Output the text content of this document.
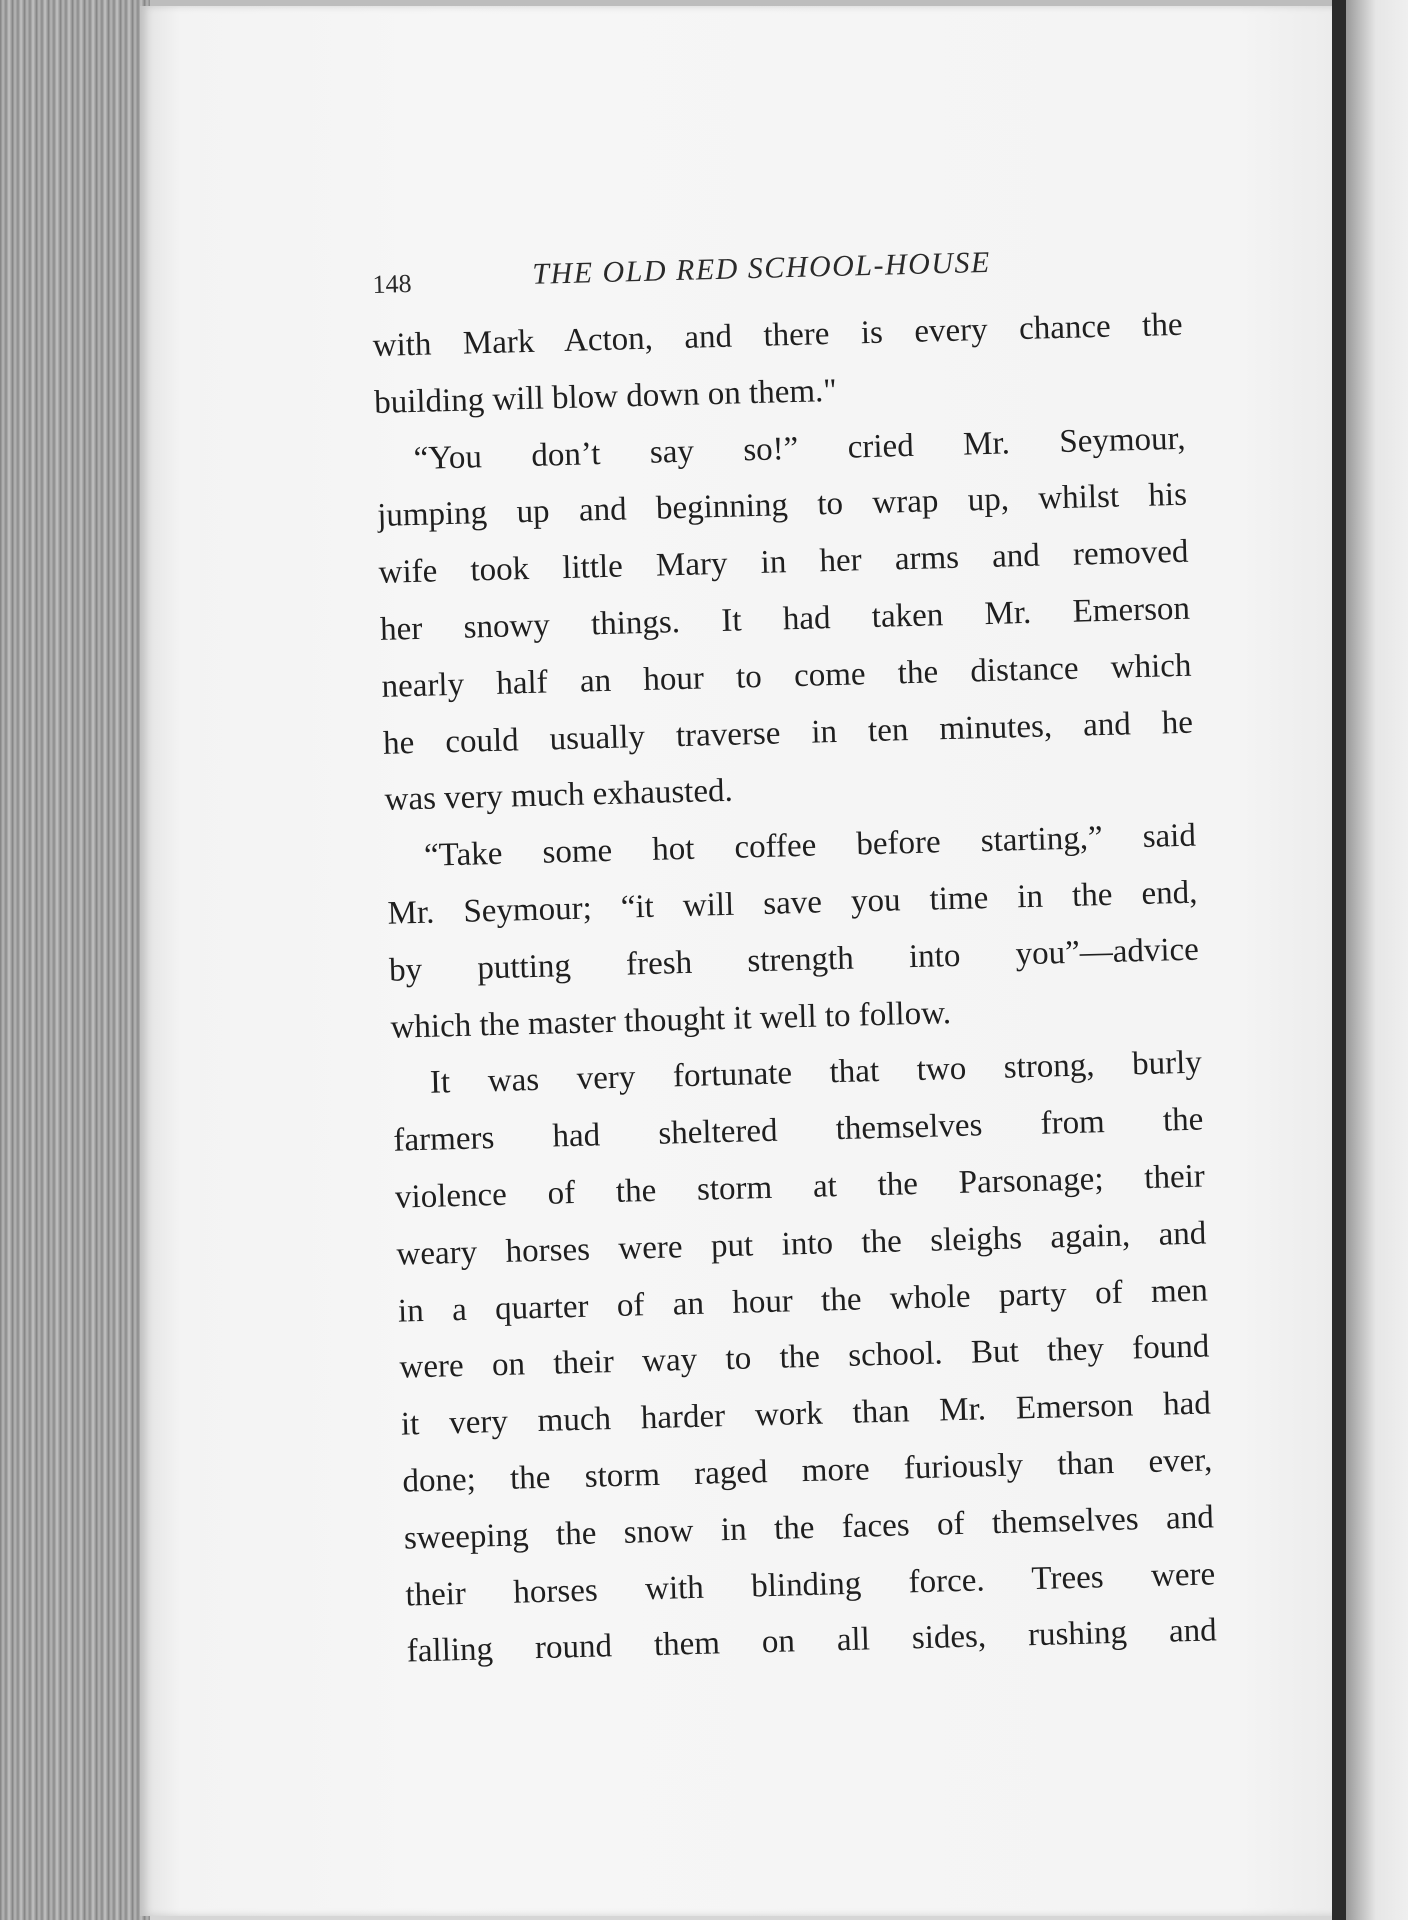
148	THE OLD RED SCHOOL-HOUSE
with Mark Acton, and there is every chance the
building will blow down on them."
“You don’t say so!” cried Mr. Seymour,
jumping up and beginning to wrap up, whilst his
wife took little Mary in her arms and removed
her snowy things. It had taken Mr. Emerson
nearly half an hour to come the distance which
he could usually traverse in ten minutes, and he
was very much exhausted.
“Take some hot coffee before starting,” said
Mr. Seymour; “it will save you time in the end,
by putting fresh strength into you”—advice
which the master thought it well to follow.
It was very fortunate that two strong, burly
farmers had sheltered themselves from the
violence of the storm at the Parsonage; their
weary horses were put into the sleighs again, and
in a quarter of an hour the whole party of men
were on their way to the school. But they found
it very much harder work than Mr. Emerson had
done; the storm raged more furiously than ever,
sweeping the snow in the faces of themselves and
their horses with blinding force. Trees were
falling round them on all sides, rushing and
